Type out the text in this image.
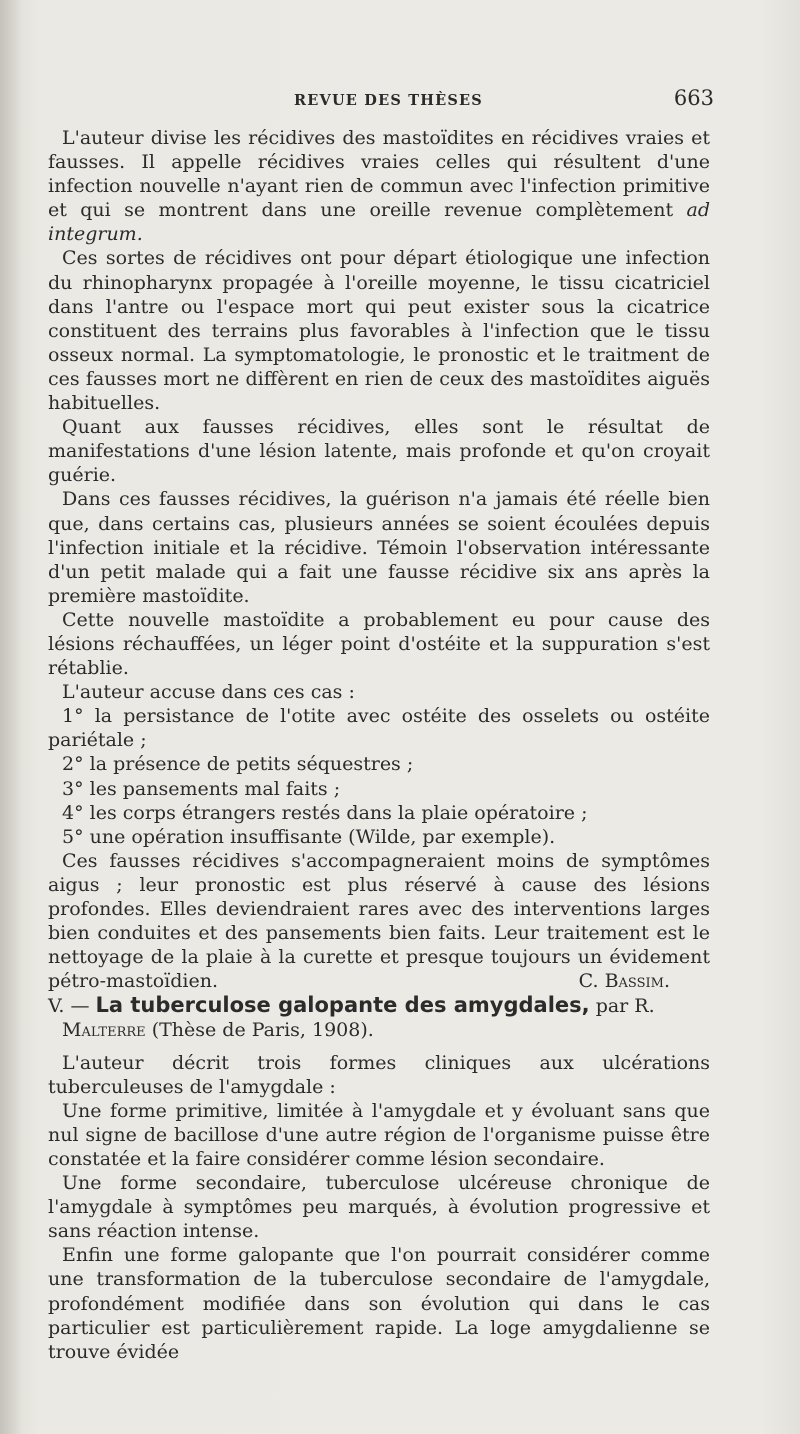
REVUE DES THÈSES	663

L'auteur divise les récidives des mastoïdites en récidives vraies et fausses. Il appelle récidives vraies celles qui résultent d'une infection nouvelle n'ayant rien de commun avec l'infection primitive et qui se montrent dans une oreille revenue complètement ad integrum.

Ces sortes de récidives ont pour départ étiologique une infection du rhinopharynx propagée à l'oreille moyenne, le tissu cicatriciel dans l'antre ou l'espace mort qui peut exister sous la cicatrice constituent des terrains plus favorables à l'infection que le tissu osseux normal. La symptomatologie, le pronostic et le traitment de ces fausses mort ne diffèrent en rien de ceux des mastoïdites aiguës habituelles.

Quant aux fausses récidives, elles sont le résultat de manifestations d'une lésion latente, mais profonde et qu'on croyait guérie.

Dans ces fausses récidives, la guérison n'a jamais été réelle bien que, dans certains cas, plusieurs années se soient écoulées depuis l'infection initiale et la récidive. Témoin l'observation intéressante d'un petit malade qui a fait une fausse récidive six ans après la première mastoïdite.

Cette nouvelle mastoïdite a probablement eu pour cause des lésions réchauffées, un léger point d'ostéite et la suppuration s'est rétablie.

L'auteur accuse dans ces cas :

1° la persistance de l'otite avec ostéite des osselets ou ostéite pariétale ;

2° la présence de petits séquestres ;

3° les pansements mal faits ;

4° les corps étrangers restés dans la plaie opératoire ;

5° une opération insuffisante (Wilde, par exemple).

Ces fausses récidives s'accompagneraient moins de symptômes aigus ; leur pronostic est plus réservé à cause des lésions profondes. Elles deviendraient rares avec des interventions larges bien conduites et des pansements bien faits. Leur traitement est le nettoyage de la plaie à la curette et presque toujours un évidement pétro-mastoïdien.	C. Bassim.

V. — La tuberculose galopante des amygdales, par R.
Malterre (Thèse de Paris, 1908).

L'auteur décrit trois formes cliniques aux ulcérations tuberculeuses de l'amygdale :

Une forme primitive, limitée à l'amygdale et y évoluant sans que nul signe de bacillose d'une autre région de l'organisme puisse être constatée et la faire considérer comme lésion secondaire.

Une forme secondaire, tuberculose ulcéreuse chronique de l'amygdale à symptômes peu marqués, à évolution progressive et sans réaction intense.

Enfin une forme galopante que l'on pourrait considérer comme une transformation de la tuberculose secondaire de l'amygdale, profondément modifiée dans son évolution qui dans le cas particulier est particulièrement rapide. La loge amygdalienne se trouve évidée
